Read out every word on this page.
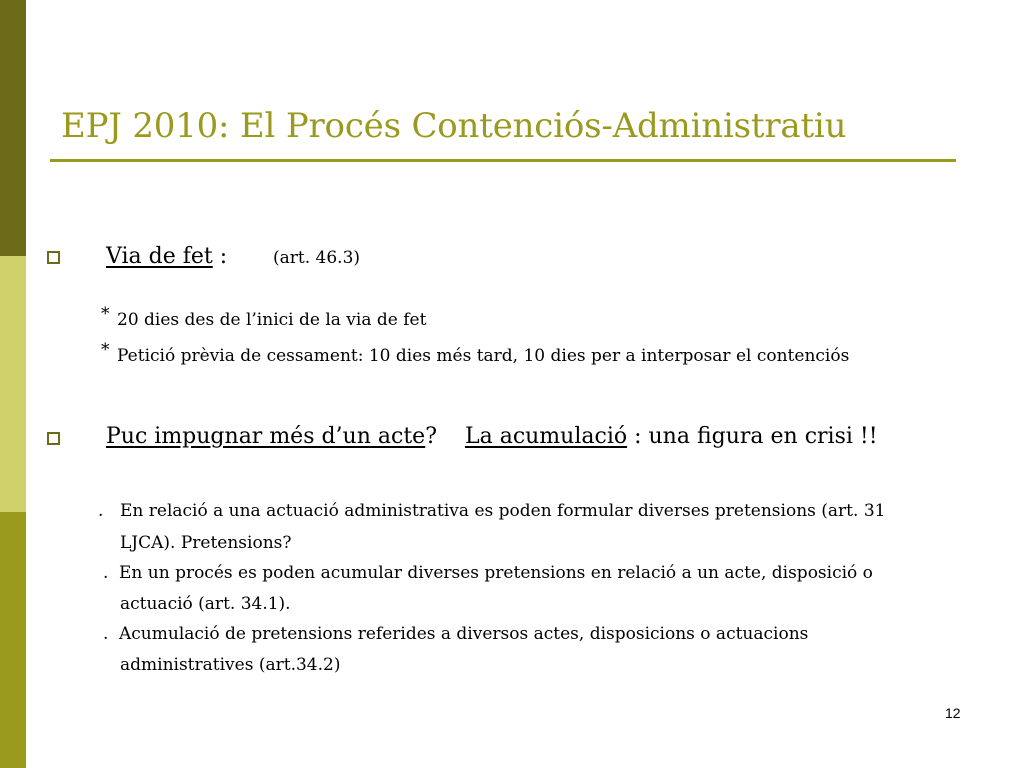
EPJ 2010: El Procés Contenciós-Administratiu
Via de fet :	(art. 46.3)
* 20 dies des de l’inici de la via de fet
* Petició prèvia de cessament: 10 dies més tard, 10 dies per a interposar el contenciós
Puc impugnar més d’un acte? La acumulació : una figura en crisi !!
. En relació a una actuació administrativa es poden formular diverses pretensions (art. 31
LJCA). Pretensions?
. En un procés es poden acumular diverses pretensions en relació a un acte, disposició o
actuació (art. 34.1).
. Acumulació de pretensions referides a diversos actes, disposicions o actuacions
administratives (art.34.2)
12
